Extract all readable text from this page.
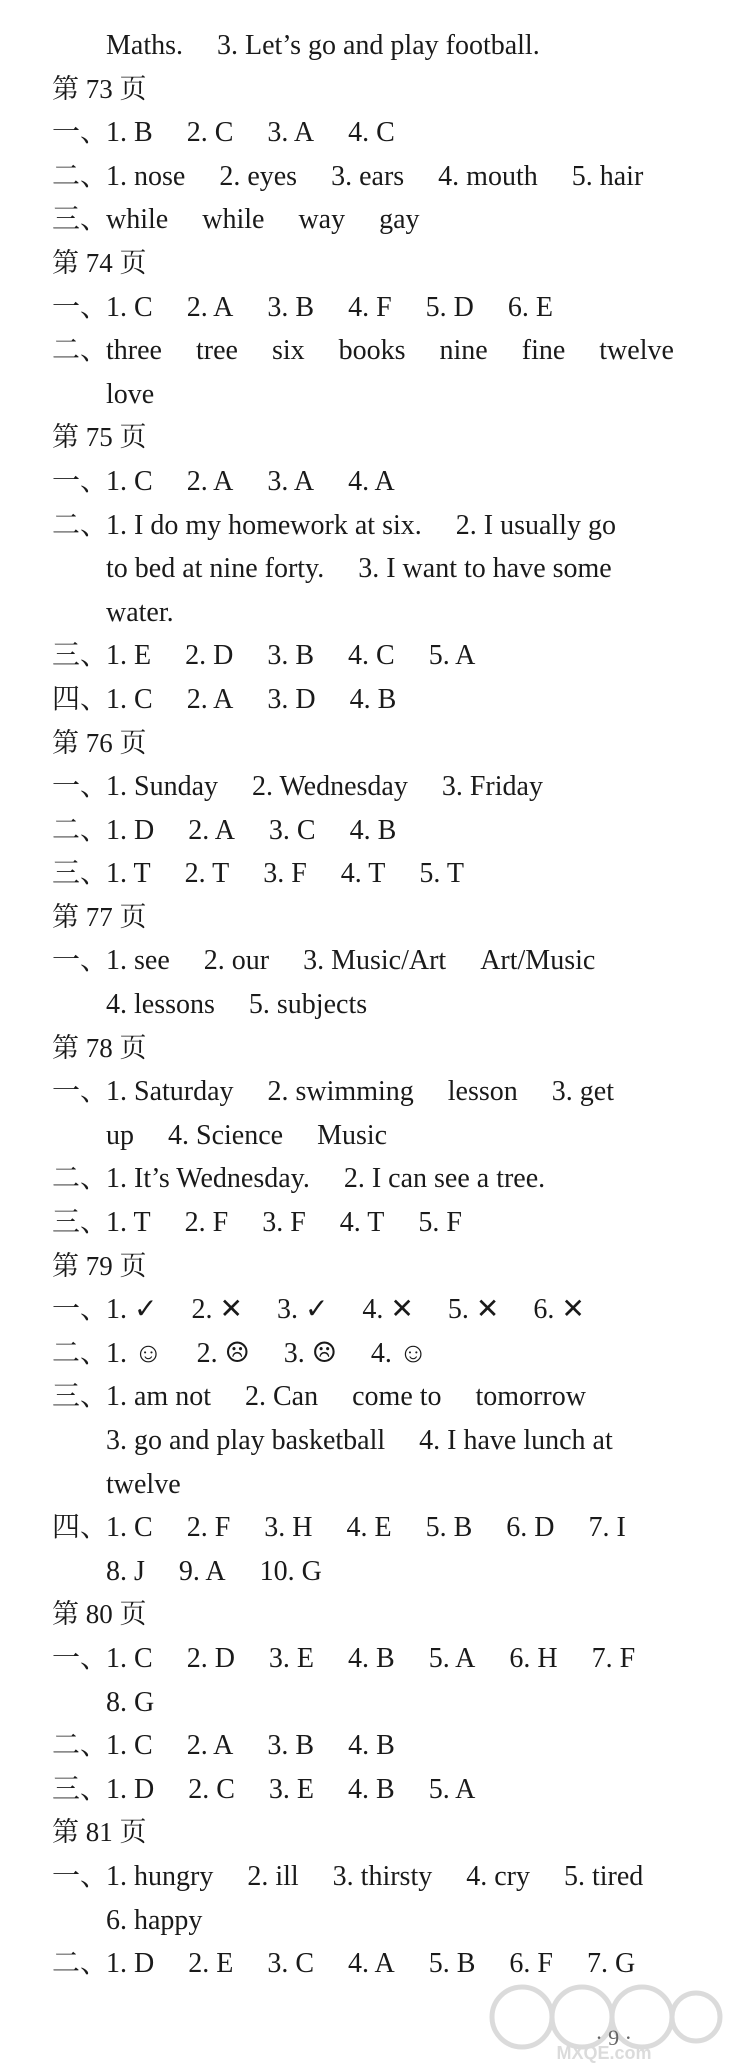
Maths. 3. Let’s go and play football.
第 73 页
一、1. B 2. C 3. A 4. C
二、1. nose 2. eyes 3. ears 4. mouth 5. hair
三、while while way gay
第 74 页
一、1. C 2. A 3. B 4. F 5. D 6. E
二、three tree six books nine fine twelve
love
第 75 页
一、1. C 2. A 3. A 4. A
二、1. I do my homework at six. 2. I usually go
to bed at nine forty. 3. I want to have some
water.
三、1. E 2. D 3. B 4. C 5. A
四、1. C 2. A 3. D 4. B
第 76 页
一、1. Sunday 2. Wednesday 3. Friday
二、1. D 2. A 3. C 4. B
三、1. T 2. T 3. F 4. T 5. T
第 77 页
一、1. see 2. our 3. Music/Art Art/Music
4. lessons 5. subjects
第 78 页
一、1. Saturday 2. swimming lesson 3. get
up 4. Science Music
二、1. It’s Wednesday. 2. I can see a tree.
三、1. T 2. F 3. F 4. T 5. F
第 79 页
一、1. ✓ 2. ✕ 3. ✓ 4. ✕ 5. ✕ 6. ✕
二、1. ☺ 2. ☹ 3. ☹ 4. ☺
三、1. am not 2. Can come to tomorrow
3. go and play basketball 4. I have lunch at
twelve
四、1. C 2. F 3. H 4. E 5. B 6. D 7. I
8. J 9. A 10. G
第 80 页
一、1. C 2. D 3. E 4. B 5. A 6. H 7. F
8. G
二、1. C 2. A 3. B 4. B
三、1. D 2. C 3. E 4. B 5. A
第 81 页
一、1. hungry 2. ill 3. thirsty 4. cry 5. tired
6. happy
二、1. D 2. E 3. C 4. A 5. B 6. F 7. G
MXQE.com
· 9 ·
